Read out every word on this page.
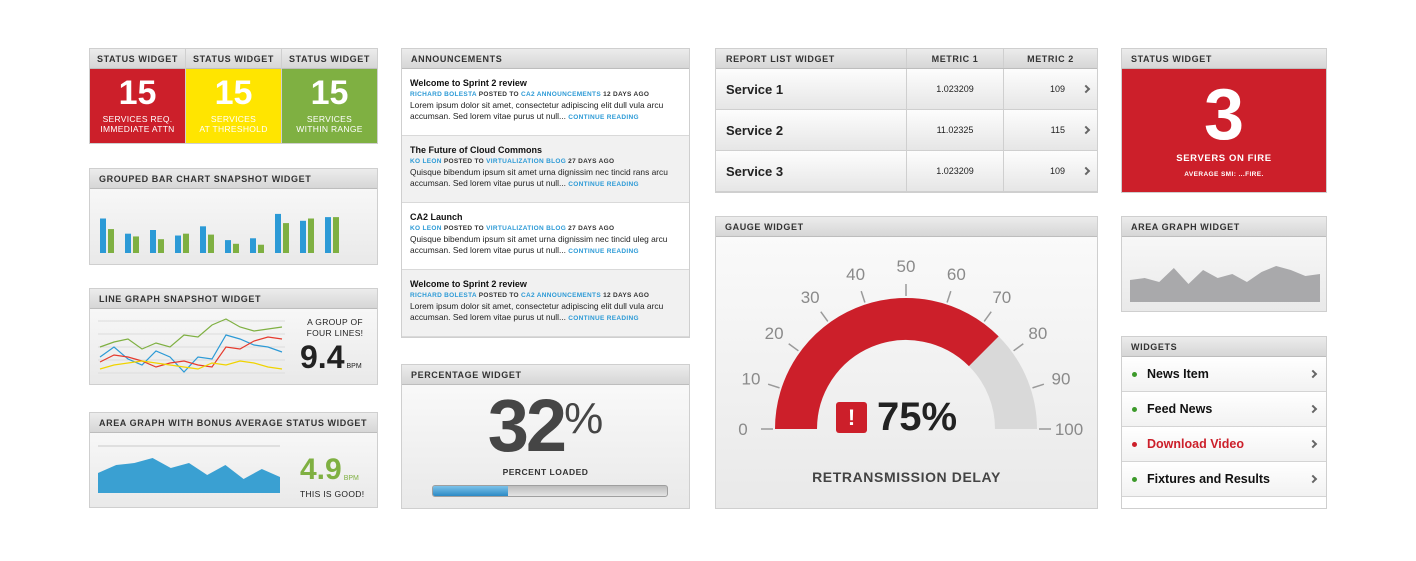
STATUS WIDGET
15
SERVICES REQ.
IMMEDIATE ATTN
STATUS WIDGET
15
SERVICES
AT THRESHOLD
STATUS WIDGET
15
SERVICES
WITHIN RANGE
GROUPED BAR CHART SNAPSHOT WIDGET
LINE GRAPH SNAPSHOT WIDGET
A GROUP OF
FOUR LINES!
9.4 BPM
AREA GRAPH WITH BONUS AVERAGE STATUS WIDGET
4.9 BPM
THIS IS GOOD!
ANNOUNCEMENTS
Welcome to Sprint 2 review
RICHARD BOLESTA POSTED TO CA2 ANNOUNCEMENTS 12 DAYS AGO
Lorem ipsum dolor sit amet, consectetur adipiscing elit dull vula arcu accumsan. Sed lorem vitae purus ut null... CONTINUE READING
The Future of Cloud Commons
KO LEON POSTED TO VIRTUALIZATION BLOG 27 DAYS AGO
Quisque bibendum ipsum sit amet urna dignissim nec tincid rans arcu accumsan. Sed lorem vitae purus ut null... CONTINUE READING
CA2 Launch
KO LEON POSTED TO VIRTUALIZATION BLOG 27 DAYS AGO
Quisque bibendum ipsum sit amet urna dignissim nec tincid uleg arcu accumsan. Sed lorem vitae purus ut null... CONTINUE READING
Welcome to Sprint 2 review
RICHARD BOLESTA POSTED TO CA2 ANNOUNCEMENTS 12 DAYS AGO
Lorem ipsum dolor sit amet, consectetur adipiscing elit dull vula arcu accumsan. Sed lorem vitae purus ut null... CONTINUE READING
PERCENTAGE WIDGET
32%
PERCENT LOADED
REPORT LIST WIDGET	METRIC 1	METRIC 2
Service 1	1.023209	109
Service 2	11.02325	115
Service 3	1.023209	109
GAUGE WIDGET
0
10
20
30
40 50 60
70
80
90
100
! 75%
RETRANSMISSION DELAY
STATUS WIDGET
3
SERVERS ON FIRE
AVERAGE SMI: ...FIRE.
AREA GRAPH WIDGET
WIDGETS
News Item
Feed News
Download Video
Fixtures and Results
